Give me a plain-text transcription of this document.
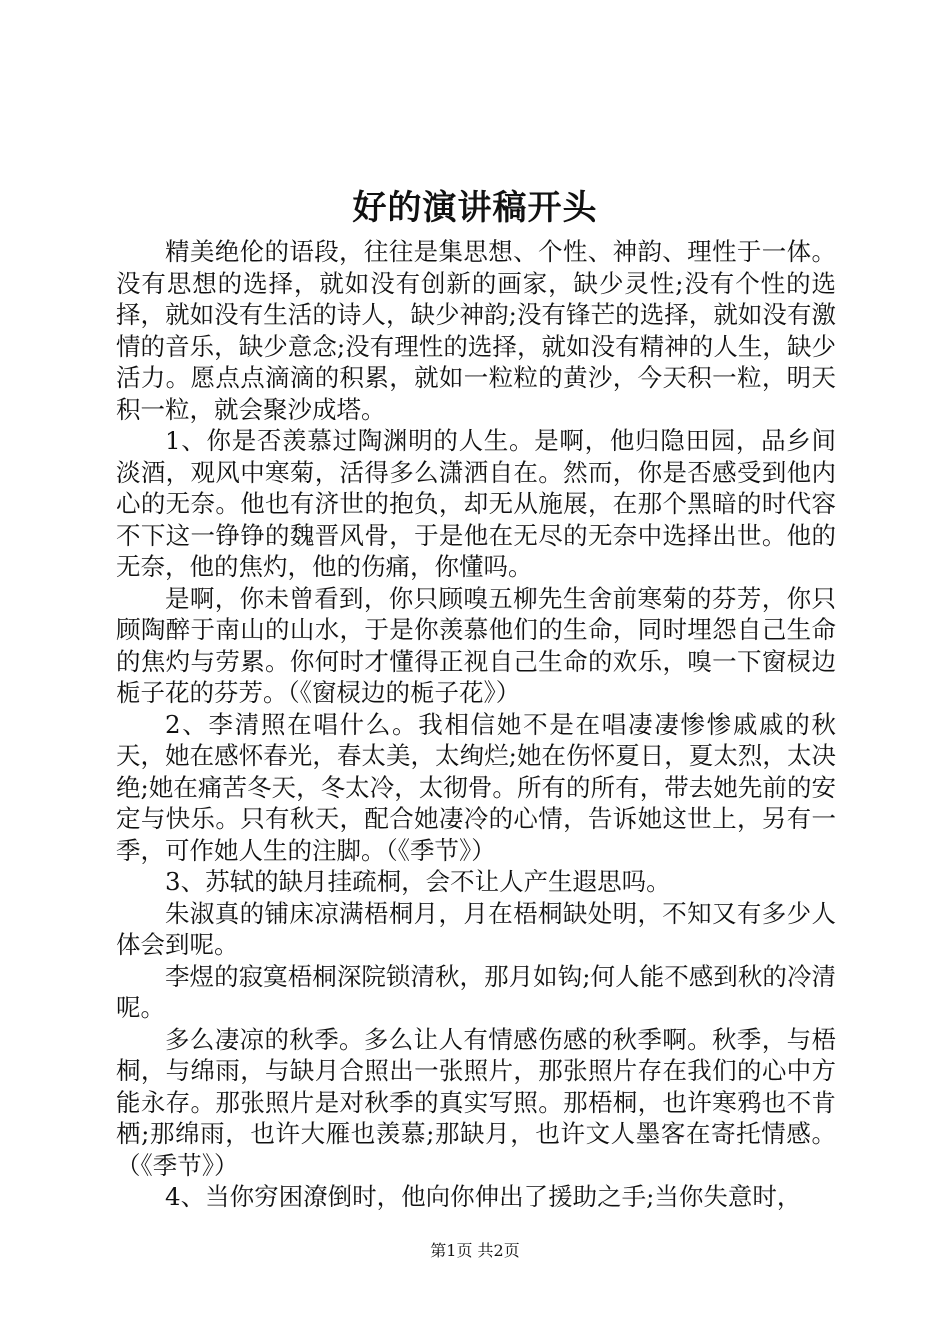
好的演讲稿开头

精美绝伦的语段，往往是集思想、个性、神韵、理性于一体。没有思想的选择，就如没有创新的画家，缺少灵性;没有个性的选择，就如没有生活的诗人，缺少神韵;没有锋芒的选择，就如没有激情的音乐，缺少意念;没有理性的选择，就如没有精神的人生，缺少活力。愿点点滴滴的积累，就如一粒粒的黄沙，今天积一粒，明天积一粒，就会聚沙成塔。

1、你是否羡慕过陶渊明的人生。是啊，他归隐田园，品乡间淡酒，观风中寒菊，活得多么潇洒自在。然而，你是否感受到他内心的无奈。他也有济世的抱负，却无从施展，在那个黑暗的时代容不下这一铮铮的魏晋风骨，于是他在无尽的无奈中选择出世。他的无奈，他的焦灼，他的伤痛，你懂吗。

是啊，你未曾看到，你只顾嗅五柳先生舍前寒菊的芬芳，你只顾陶醉于南山的山水，于是你羡慕他们的生命，同时埋怨自己生命的焦灼与劳累。你何时才懂得正视自己生命的欢乐，嗅一下窗棂边栀子花的芬芳。（《窗棂边的栀子花》）

2、李清照在唱什么。我相信她不是在唱凄凄惨惨戚戚的秋天，她在感怀春光，春太美，太绚烂;她在伤怀夏日，夏太烈，太决绝;她在痛苦冬天，冬太冷，太彻骨。所有的所有，带去她先前的安定与快乐。只有秋天，配合她凄冷的心情，告诉她这世上，另有一季，可作她人生的注脚。（《季节》）

3、苏轼的缺月挂疏桐，会不让人产生遐思吗。

朱淑真的铺床凉满梧桐月，月在梧桐缺处明，不知又有多少人体会到呢。

李煜的寂寞梧桐深院锁清秋，那月如钩;何人能不感到秋的冷清呢。

多么凄凉的秋季。多么让人有情感伤感的秋季啊。秋季，与梧桐，与绵雨，与缺月合照出一张照片，那张照片存在我们的心中方能永存。那张照片是对秋季的真实写照。那梧桐，也许寒鸦也不肯栖;那绵雨，也许大雁也羡慕;那缺月，也许文人墨客在寄托情感。（《季节》）

4、当你穷困潦倒时，他向你伸出了援助之手;当你失意时，

第1页 共2页
